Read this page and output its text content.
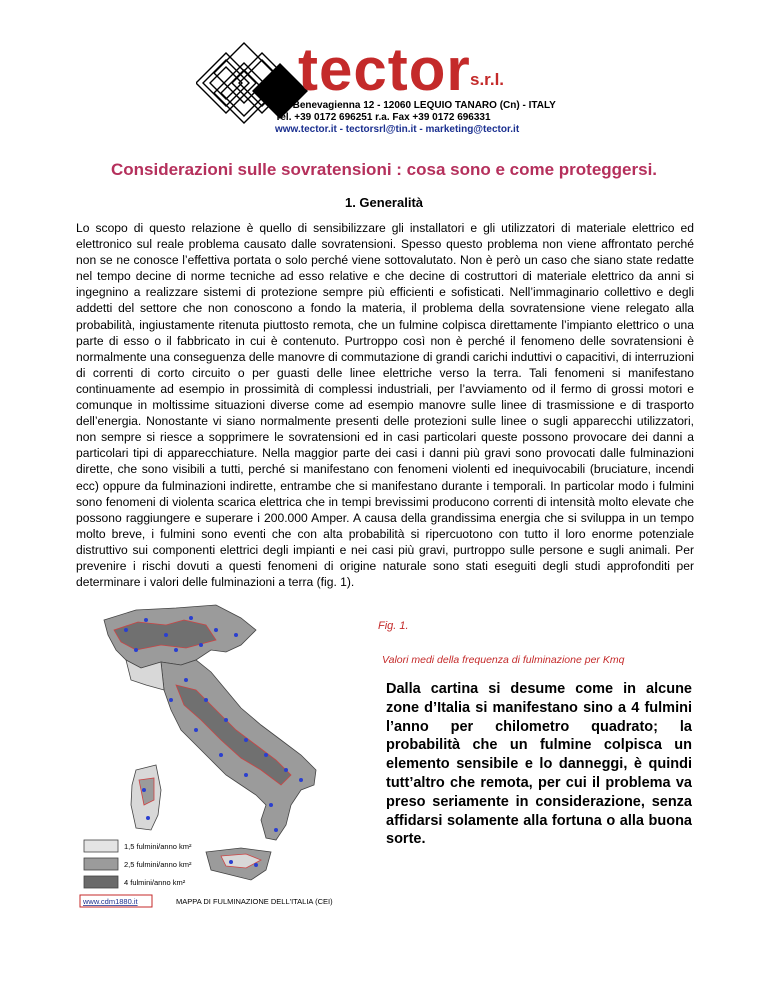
tector s.r.l.
Via Benevagienna 12 - 12060 LEQUIO TANARO (Cn) - ITALY
Tel. +39 0172 696251 r.a. Fax +39 0172 696331
www.tector.it - tectorsrl@tin.it - marketing@tector.it
Considerazioni sulle sovratensioni : cosa sono e come proteggersi.
1. Generalità

Lo scopo di questo relazione è quello di sensibilizzare gli installatori e gli utilizzatori di materiale elettrico ed elettronico sul reale problema causato dalle sovratensioni. Spesso questo problema non viene affrontato perché non se ne conosce l’effettiva portata o solo perché viene sottovalutato. Non è però un caso che siano state redatte nel tempo decine di norme tecniche ad esso relative e che decine di costruttori di materiale elettrico da anni si ingegnino a realizzare sistemi di protezione sempre più efficienti e sofisticati. Nell’immaginario collettivo e degli addetti del settore che non conoscono a fondo la materia, il problema della sovratensione viene relegato alla probabilità, ingiustamente ritenuta piuttosto remota, che un fulmine colpisca direttamente l’impianto elettrico o una parte di esso o il fabbricato in cui è contenuto. Purtroppo così non è perché il fenomeno delle sovratensioni è normalmente una conseguenza delle manovre di commutazione di grandi carichi induttivi o capacitivi, di interruzioni di correnti di corto circuito o per guasti delle linee elettriche verso la terra. Tali fenomeni si manifestano continuamente ad esempio in prossimità di complessi industriali, per l’avviamento od il fermo di grossi motori e comunque in moltissime situazioni diverse come ad esempio manovre sulle linee di trasmissione e di trasporto dell’energia. Nonostante vi siano normalmente presenti delle protezioni sulle linee o sugli apparecchi utilizzatori, non sempre si riesce a sopprimere le sovratensioni ed in casi particolari queste possono provocare dei danni a particolari tipi di apparecchiature. Nella maggior parte dei casi i danni più gravi sono provocati dalle fulminazioni dirette, che sono visibili a tutti, perché si manifestano con fenomeni violenti ed inequivocabili (bruciature, incendi ecc) oppure da fulminazioni indirette, entrambe che si manifestano durante i temporali. In particolar modo i fulmini sono fenomeni di violenta scarica elettrica che in tempi brevissimi producono correnti di intensità molto elevate che possono raggiungere e superare i 200.000 Amper. A causa della grandissima energia che si sviluppa in un tempo molto breve, i fulmini sono eventi che con alta probabilità si ripercuotono con tutto il loro enorme potenziale distruttivo sui componenti elettrici degli impianti e nei casi più gravi, purtroppo sulle persone e sugli animali. Per prevenire i rischi dovuti a questi fenomeni di origine naturale sono stati eseguiti degli studi approfonditi per determinare i valori delle fulminazioni a terra (fig. 1).

1,5 fulmini/anno km²
2,5 fulmini/anno km²
4 fulmini/anno km²
www.cdm1880.it	MAPPA DI FULMINAZIONE DELL'ITALIA (CEI)
Fig. 1.
Valori medi della frequenza di fulminazione per Kmq

Dalla cartina si desume come in alcune zone d’Italia si manifestano sino a 4 fulmini l’anno per chilometro quadrato; la probabilità che un fulmine colpisca un elemento sensibile e lo danneggi, è quindi tutt’altro che remota, per cui il problema va preso seriamente in considerazione, senza affidarsi solamente alla fortuna o alla buona sorte.
